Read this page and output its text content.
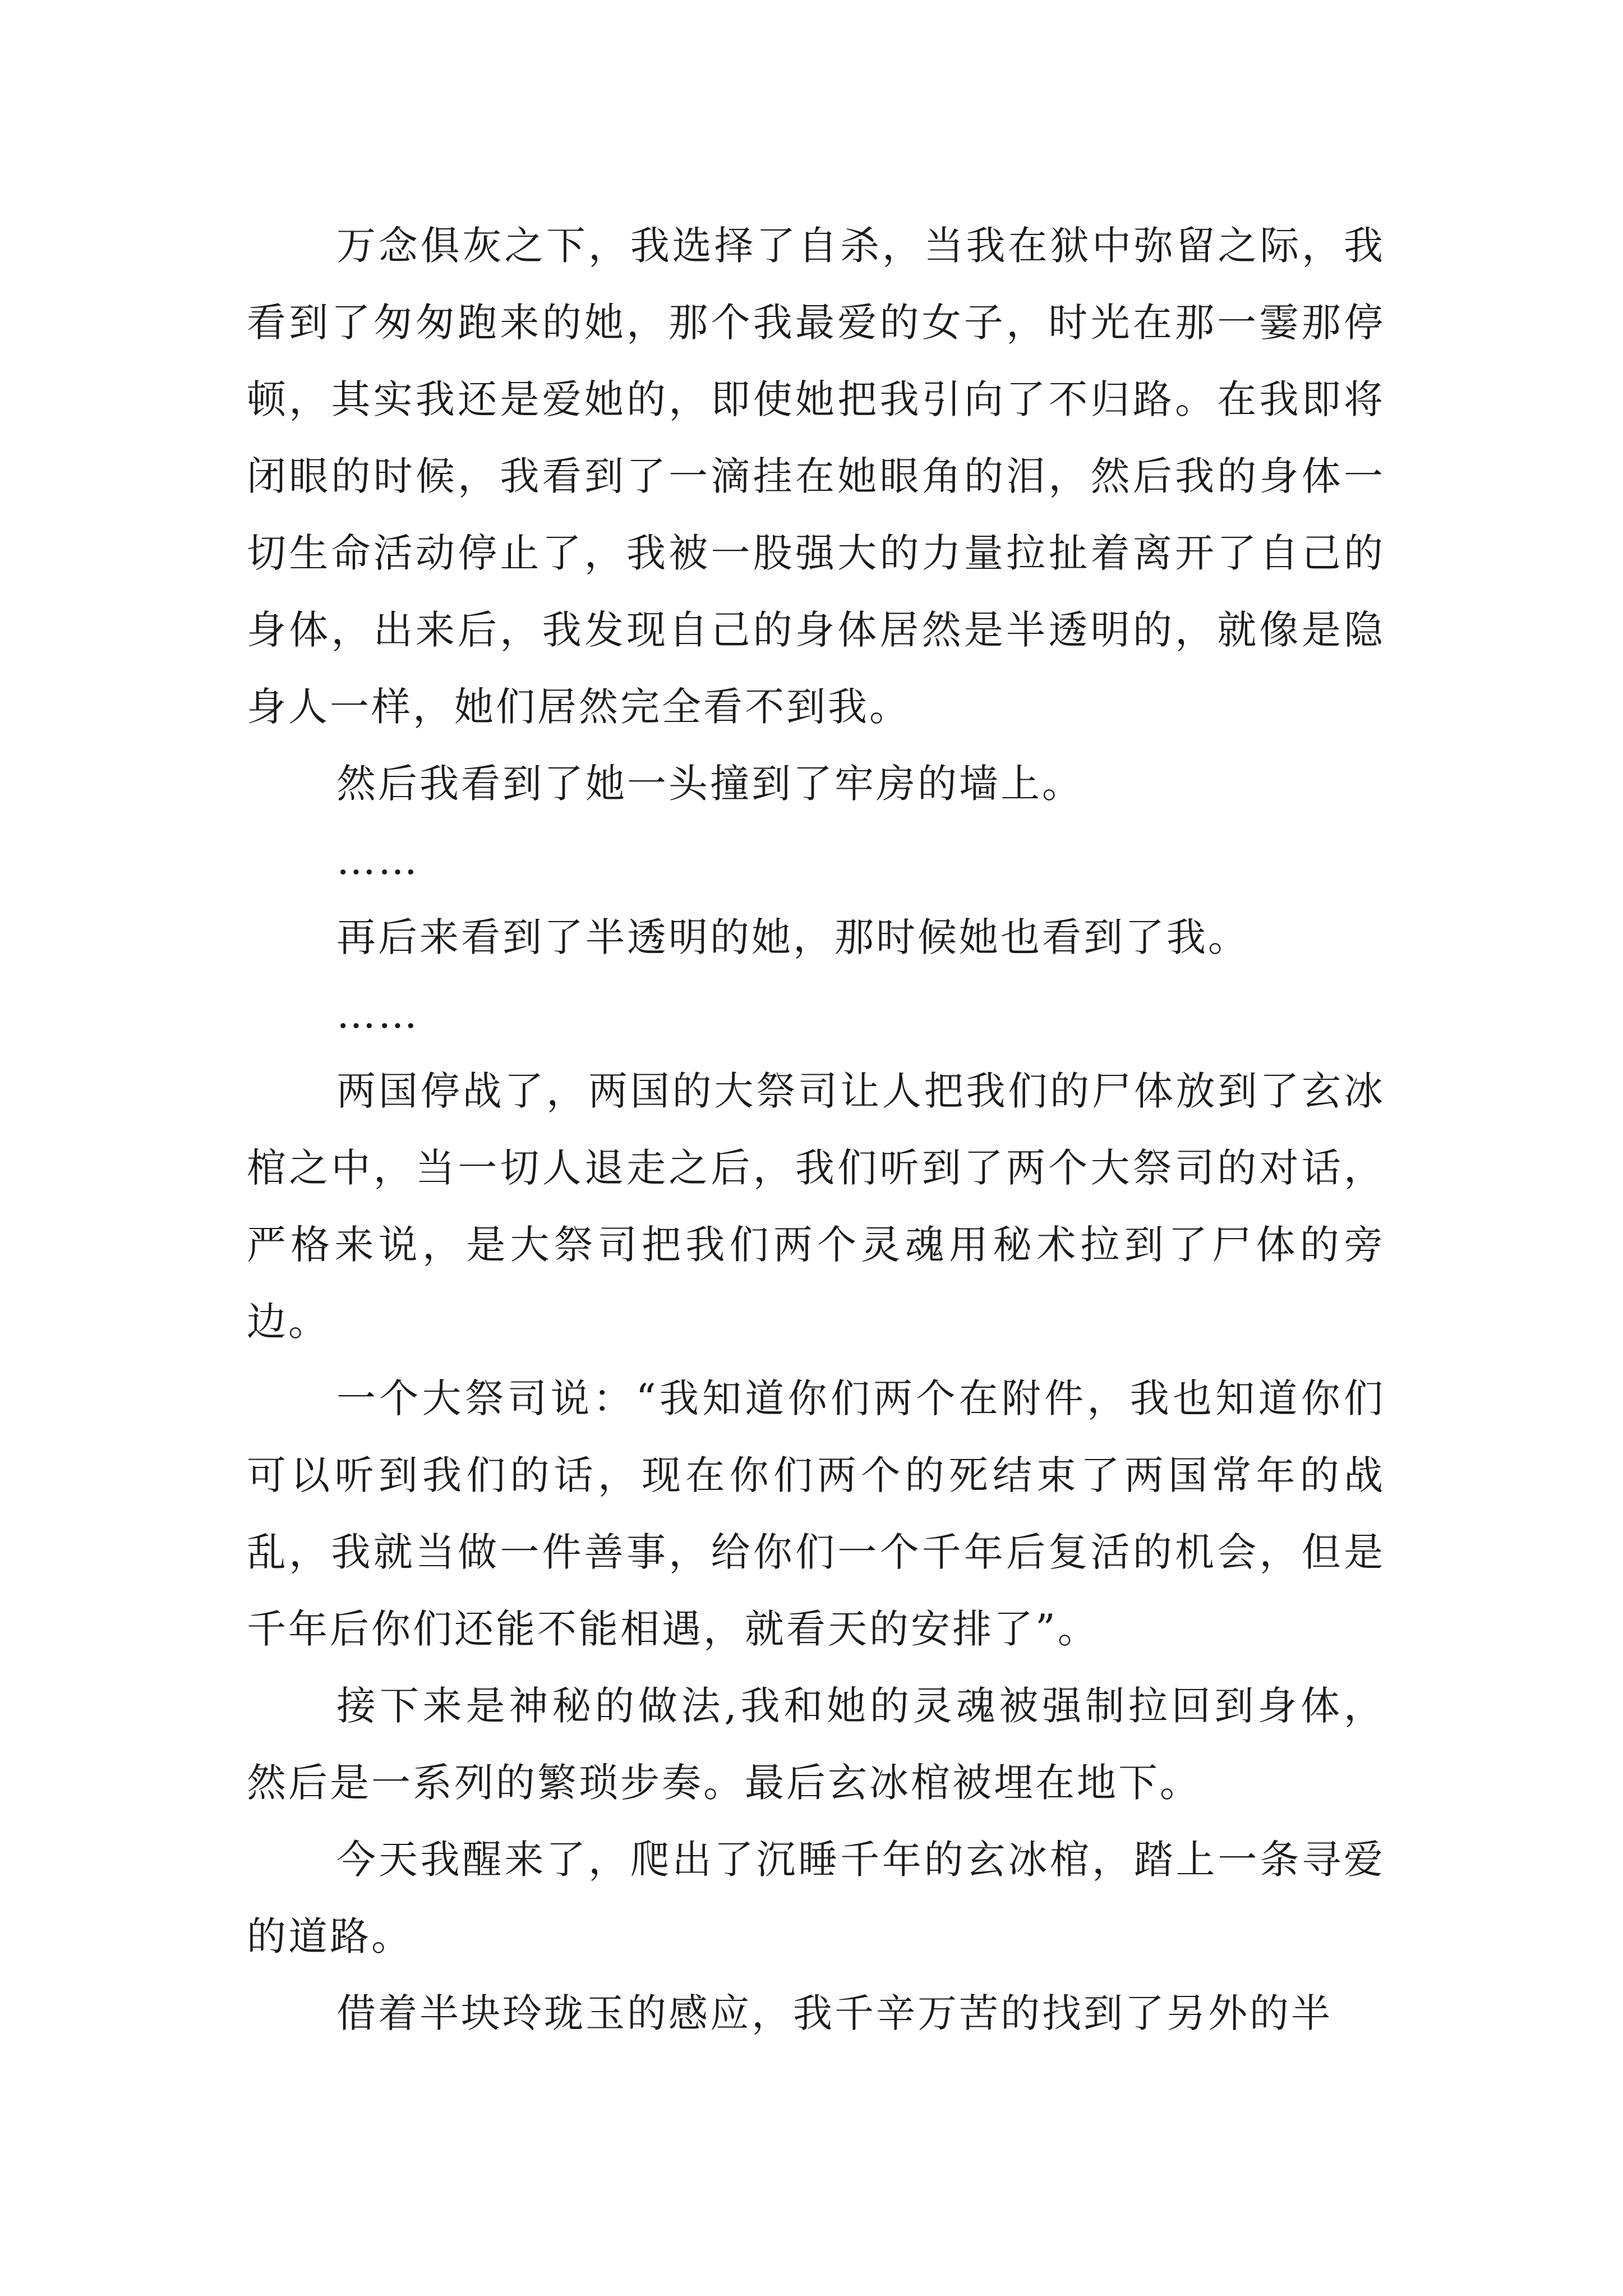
万念俱灰之下，我选择了自杀，当我在狱中弥留之际，我看到了匆匆跑来的她，那个我最爱的女子，时光在那一霎那停顿，其实我还是爱她的，即使她把我引向了不归路。在我即将闭眼的时候，我看到了一滴挂在她眼角的泪，然后我的身体一切生命活动停止了，我被一股强大的力量拉扯着离开了自己的身体，出来后，我发现自己的身体居然是半透明的，就像是隐身人一样，她们居然完全看不到我。

然后我看到了她一头撞到了牢房的墙上。

……

再后来看到了半透明的她，那时候她也看到了我。

……

两国停战了，两国的大祭司让人把我们的尸体放到了玄冰棺之中，当一切人退走之后，我们听到了两个大祭司的对话，严格来说，是大祭司把我们两个灵魂用秘术拉到了尸体的旁边。

一个大祭司说：“我知道你们两个在附件，我也知道你们可以听到我们的话，现在你们两个的死结束了两国常年的战乱，我就当做一件善事，给你们一个千年后复活的机会，但是千年后你们还能不能相遇，就看天的安排了”。

接下来是神秘的做法,我和她的灵魂被强制拉回到身体，然后是一系列的繁琐步奏。最后玄冰棺被埋在地下。

今天我醒来了，爬出了沉睡千年的玄冰棺，踏上一条寻爱的道路。

借着半块玲珑玉的感应，我千辛万苦的找到了另外的半
